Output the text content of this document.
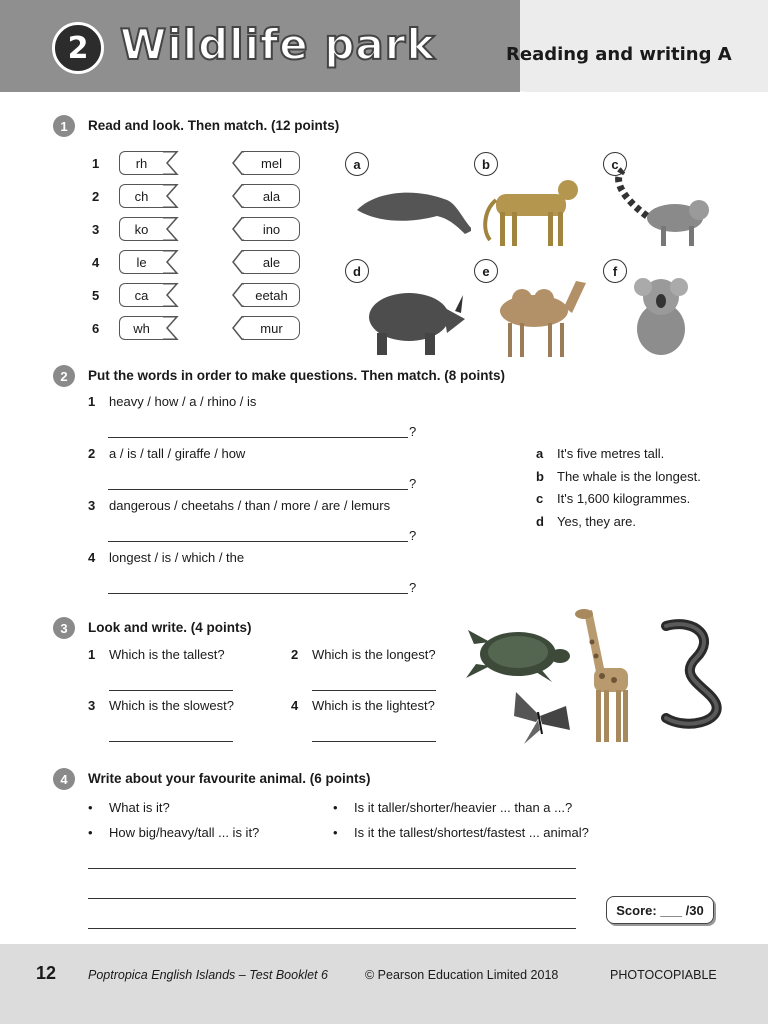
2 Wildlife park	Reading and writing A
1	Read and look. Then match. (12 points)
1	rh	mel
2	ch	ala
3	ko	ino
4	le	ale
5	ca	eetah
6	wh	mur
a	b	c
d	e	f
2	Put the words in order to make questions. Then match. (8 points)
1 heavy / how / a / rhino / is
?
2 a / is / tall / giraffe / how
?
3 dangerous / cheetahs / than / more / are / lemurs
?
4 longest / is / which / the
?
a It's five metres tall.
b The whale is the longest.
c It's 1,600 kilogrammes.
d Yes, they are.
3	Look and write. (4 points)
1 Which is the tallest?	2 Which is the longest?
3 Which is the slowest?	4 Which is the lightest?
4	Write about your favourite animal. (6 points)
• What is it?	• Is it taller/shorter/heavier ... than a ...?
• How big/heavy/tall ... is it?	• Is it the tallest/shortest/fastest ... animal?
Score: ___ /30
12	Poptropica English Islands – Test Booklet 6	© Pearson Education Limited 2018	PHOTOCOPIABLE
